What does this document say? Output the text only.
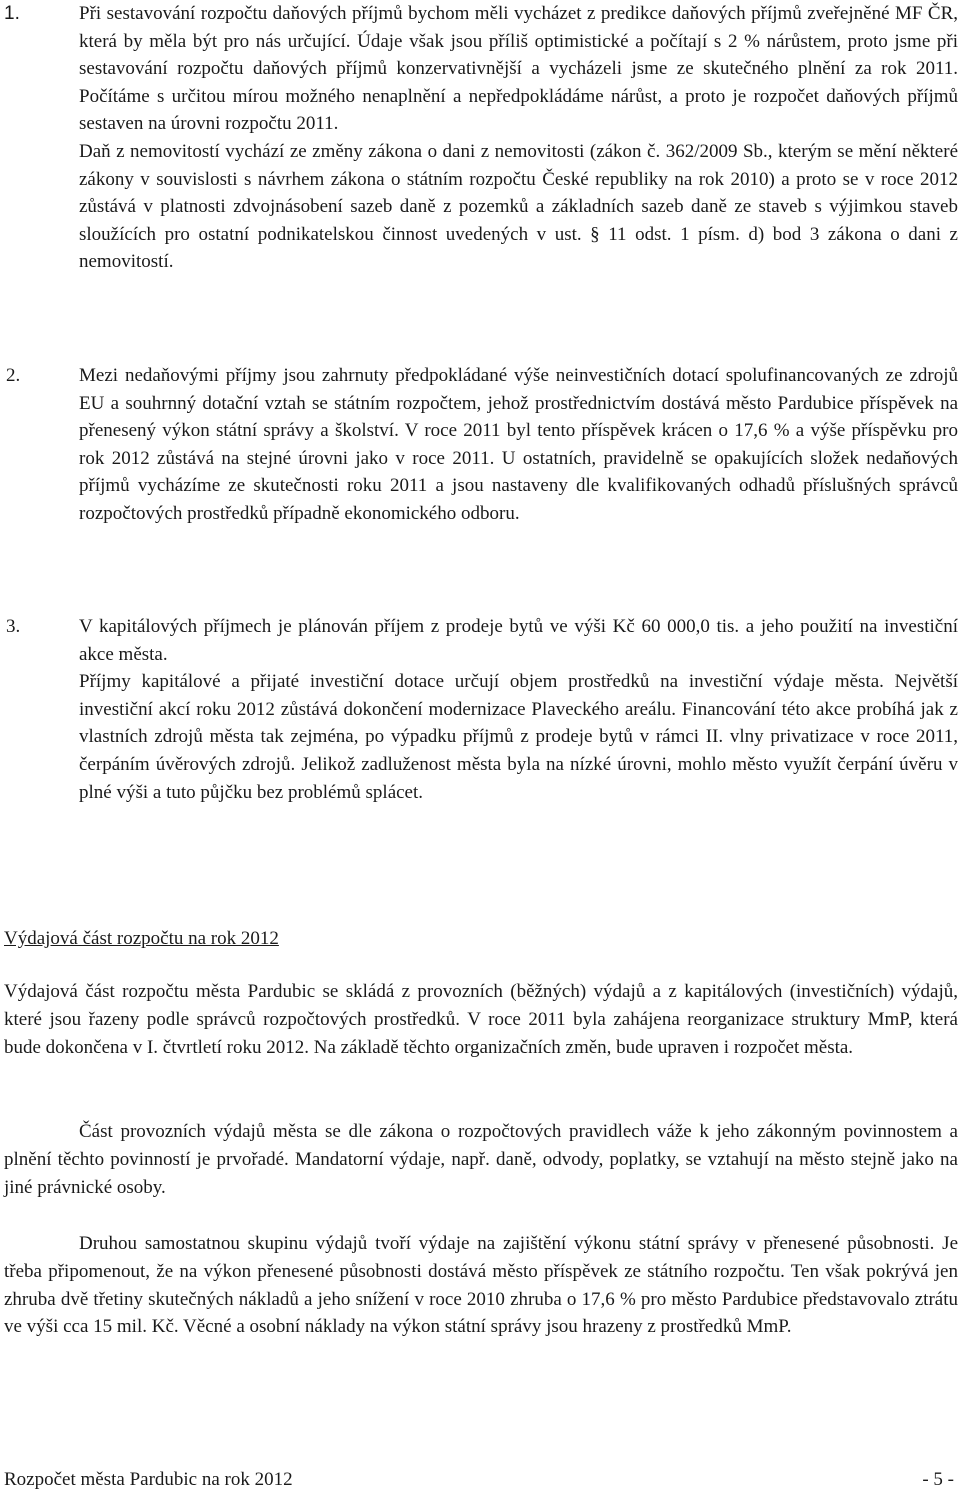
1.	Při sestavování rozpočtu daňových příjmů bychom měli vycházet z predikce daňových příjmů zveřejněné MF ČR, která by měla být pro nás určující. Údaje však jsou příliš optimistické a počítají s 2 % nárůstem, proto jsme při sestavování rozpočtu daňových příjmů konzervativnější a vycházeli jsme ze skutečného plnění za rok 2011. Počítáme s určitou mírou možného nenaplnění a nepředpokládáme nárůst, a proto je rozpočet daňových příjmů sestaven na úrovni rozpočtu 2011.

Daň z nemovitostí vychází ze změny zákona o dani z nemovitosti (zákon č. 362/2009 Sb., kterým se mění některé zákony v souvislosti s návrhem zákona o státním rozpočtu České republiky na rok 2010) a proto se v roce 2012 zůstává v platnosti zdvojnásobení sazeb daně z pozemků a základních sazeb daně ze staveb s výjimkou staveb sloužících pro ostatní podnikatelskou činnost uvedených v ust. § 11 odst. 1 písm. d) bod 3 zákona o dani z nemovitostí.

2.	Mezi nedaňovými příjmy jsou zahrnuty předpokládané výše neinvestičních dotací spolufinancovaných ze zdrojů EU a souhrnný dotační vztah se státním rozpočtem, jehož prostřednictvím dostává město Pardubice příspěvek na přenesený výkon státní správy a školství. V roce 2011 byl tento příspěvek krácen o 17,6 % a výše příspěvku pro rok 2012 zůstává na stejné úrovni jako v roce 2011. U ostatních, pravidelně se opakujících složek nedaňových příjmů vycházíme ze skutečnosti roku 2011 a jsou nastaveny dle kvalifikovaných odhadů příslušných správců rozpočtových prostředků případně ekonomického odboru.

3.	V kapitálových příjmech je plánován příjem z prodeje bytů ve výši Kč 60 000,0 tis. a jeho použití na investiční akce města.

Příjmy kapitálové a přijaté investiční dotace určují objem prostředků na investiční výdaje města. Největší investiční akcí roku 2012 zůstává dokončení modernizace Plaveckého areálu. Financování této akce probíhá jak z vlastních zdrojů města tak zejména, po výpadku příjmů z prodeje bytů v rámci II. vlny privatizace v roce 2011, čerpáním úvěrových zdrojů. Jelikož zadluženost města byla na nízké úrovni, mohlo město využít čerpání úvěru v plné výši a tuto půjčku bez problémů splácet.

Výdajová část rozpočtu na rok 2012

Výdajová část rozpočtu města Pardubic se skládá z provozních (běžných) výdajů a z kapitálových (investičních) výdajů, které jsou řazeny podle správců rozpočtových prostředků. V roce 2011 byla zahájena reorganizace struktury MmP, která bude dokončena v I. čtvrtletí roku 2012. Na základě těchto organizačních změn, bude upraven i rozpočet města.

Část provozních výdajů města se dle zákona o rozpočtových pravidlech váže k jeho zákonným povinnostem a plnění těchto povinností je prvořadé. Mandatorní výdaje, např. daně, odvody, poplatky, se vztahují na město stejně jako na jiné právnické osoby.

Druhou samostatnou skupinu výdajů tvoří výdaje na zajištění výkonu státní správy v přenesené působnosti. Je třeba připomenout, že na výkon přenesené působnosti dostává město příspěvek ze státního rozpočtu. Ten však pokrývá jen zhruba dvě třetiny skutečných nákladů a jeho snížení v roce 2010 zhruba o 17,6 % pro město Pardubice představovalo ztrátu ve výši cca 15 mil. Kč. Věcné a osobní náklady na výkon státní správy jsou hrazeny z prostředků MmP.

Rozpočet města Pardubic na rok 2012	- 5 -
